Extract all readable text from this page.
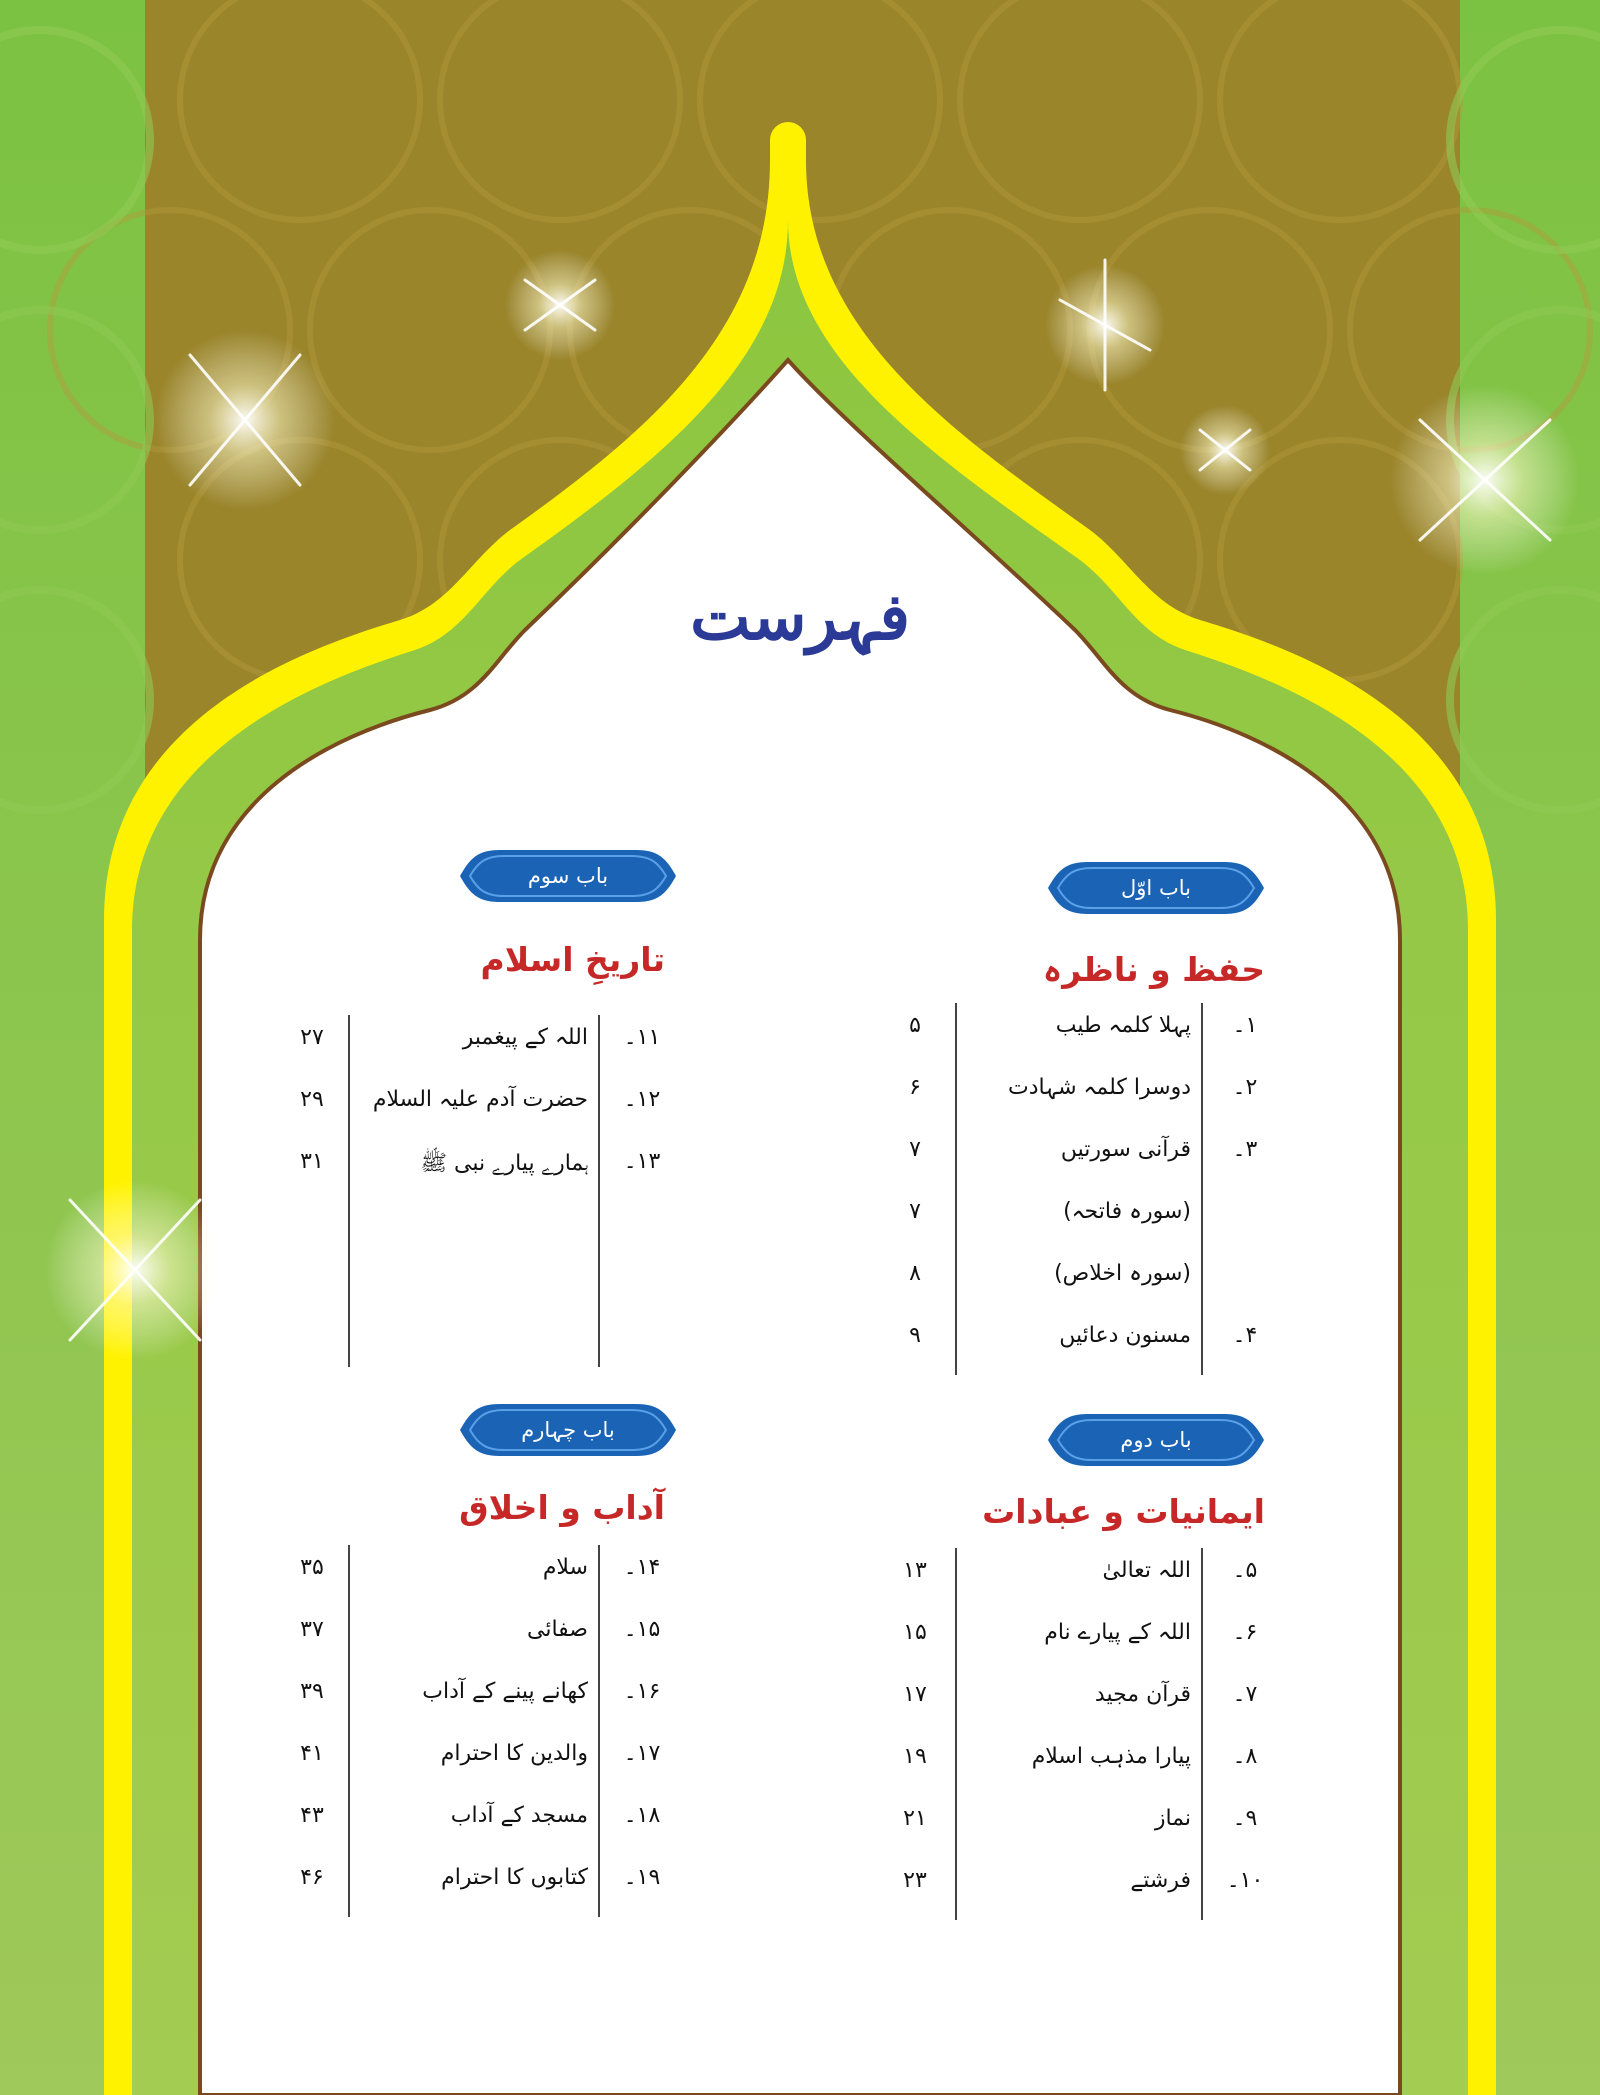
فہرست
باب اوّل
حفظ و ناظرہ
۱۔
پہلا کلمہ طیب
۵
۲۔
دوسرا کلمہ شہادت
۶
۳۔
قرآنی سورتیں
۷
(سورہ فاتحہ)
۷
(سورہ اخلاص)
۸
۴۔
مسنون دعائیں
۹
باب دوم
ایمانیات و عبادات
۵۔
اللہ تعالیٰ
۱۳
۶۔
اللہ کے پیارے نام
۱۵
۷۔
قرآن مجید
۱۷
۸۔
پیارا مذہب اسلام
۱۹
۹۔
نماز
۲۱
۱۰۔
فرشتے
۲۳
باب سوم
تاریخِ اسلام
۱۱۔
اللہ کے پیغمبر
۲۷
۱۲۔
حضرت آدم علیہ السلام
۲۹
۱۳۔
ہمارے پیارے نبی ﷺ
۳۱
باب چہارم
آداب و اخلاق
۱۴۔
سلام
۳۵
۱۵۔
صفائی
۳۷
۱۶۔
کھانے پینے کے آداب
۳۹
۱۷۔
والدین کا احترام
۴۱
۱۸۔
مسجد کے آداب
۴۳
۱۹۔
کتابوں کا احترام
۴۶
